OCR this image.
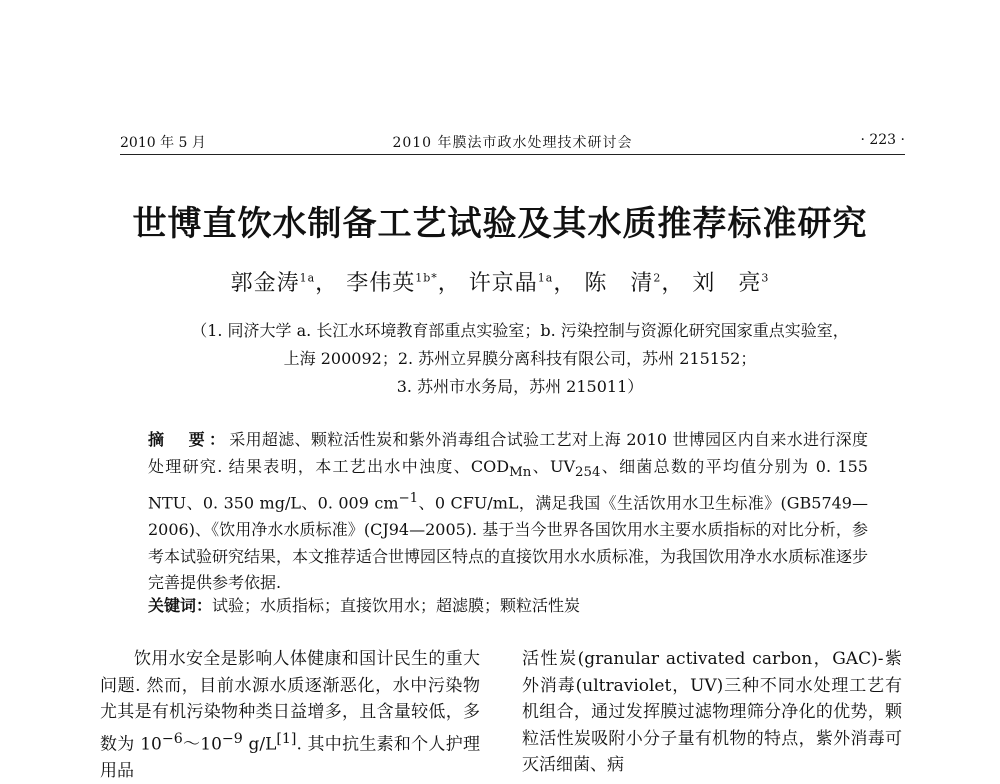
2010 年 5 月	2010 年膜法市政水处理技术研讨会	· 223 ·
世博直饮水制备工艺试验及其水质推荐标准研究
郭金涛$^{1a}$， 李伟英$^{1b*}$， 许京晶$^{1a}$， 陈　清$^2$， 刘　亮$^3$
（1. 同济大学 a. 长江水环境教育部重点实验室；b. 污染控制与资源化研究国家重点实验室，
上海 200092；2. 苏州立昇膜分离科技有限公司，苏州 215152；
3. 苏州市水务局，苏州 215011）
摘　要：采用超滤、颗粒活性炭和紫外消毒组合试验工艺对上海 2010 世博园区内自来水进行深度处理研究. 结果表明，本工艺出水中浊度、$COD_{Mn}$、$UV_{254}$、细菌总数的平均值分别为 0. 155 NTU、0. 350 mg/L、0. 009 $cm^{-1}$、0 CFU/mL，满足我国《生活饮用水卫生标准》(GB5749—2006)、《饮用净水水质标准》(CJ94—2005). 基于当今世界各国饮用水主要水质指标的对比分析，参考本试验研究结果，本文推荐适合世博园区特点的直接饮用水水质标准，为我国饮用净水水质标准逐步完善提供参考依据.
关键词：试验；水质指标；直接饮用水；超滤膜；颗粒活性炭
饮用水安全是影响人体健康和国计民生的重大问题. 然而，目前水源水质逐渐恶化，水中污染物尤其是有机污染物种类日益增多，且含量较低，多数为 $10^{-6}\sim 10^{-9}$ g/L[1]. 其中抗生素和个人护理用品
活性炭(granular activated carbon，GAC)-紫外消毒(ultraviolet，UV)三种不同水处理工艺有机组合，通过发挥膜过滤物理筛分净化的优势，颗粒活性炭吸附小分子量有机物的特点，紫外消毒可灭活细菌、病
